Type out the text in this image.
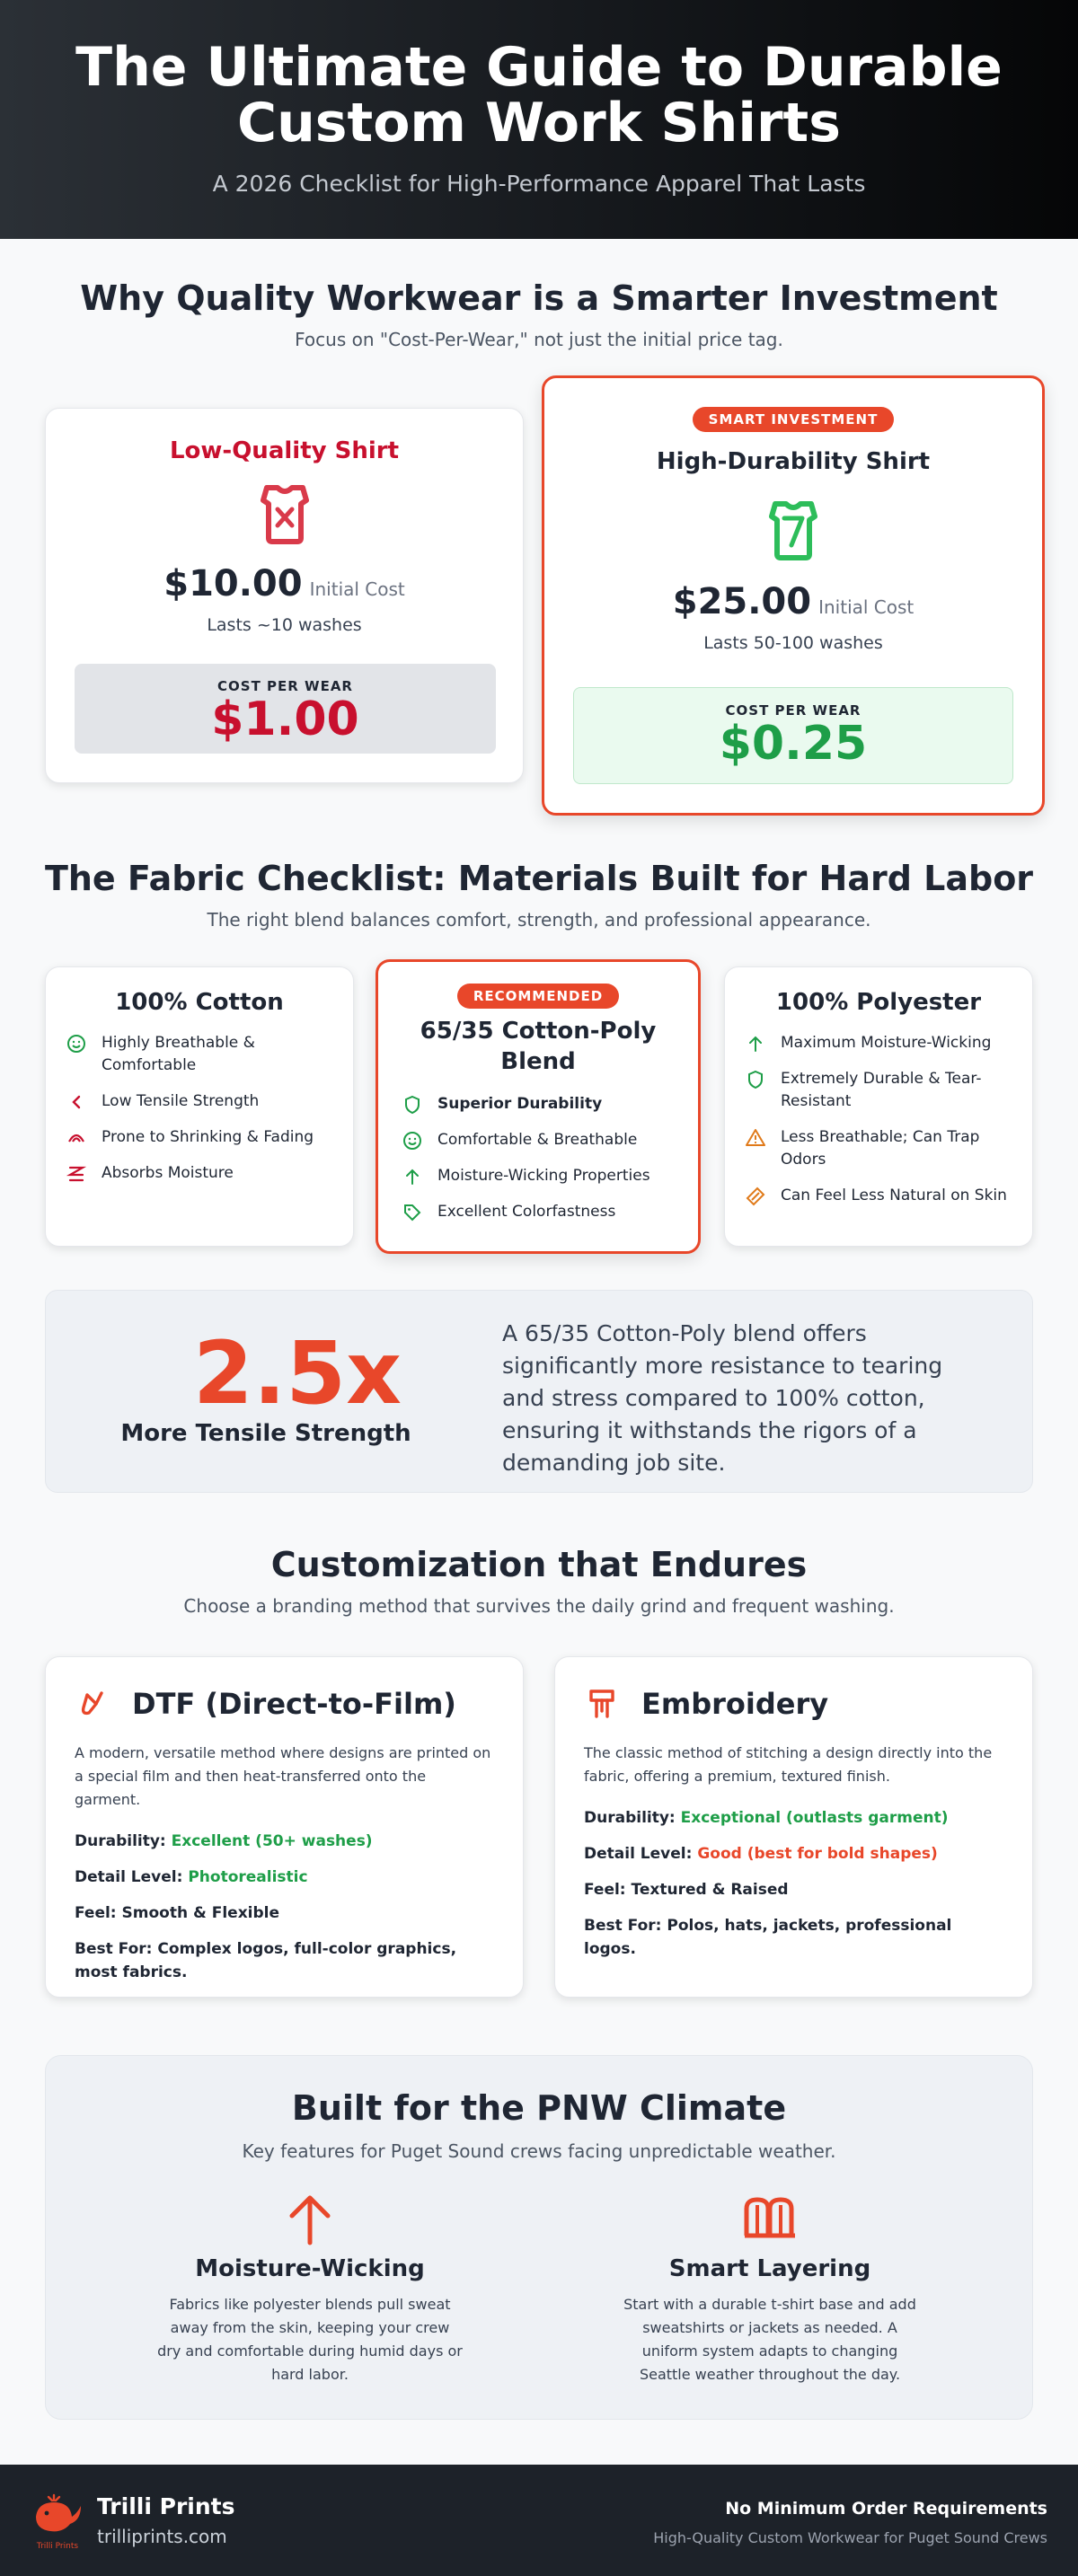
The Ultimate Guide to Durable
Custom Work Shirts
A 2026 Checklist for High-Performance Apparel That Lasts
Why Quality Workwear is a Smarter Investment
Focus on "Cost-Per-Wear," not just the initial price tag.
Low-Quality Shirt
$10.00 Initial Cost
Lasts ~10 washes
COST PER WEAR
$1.00
SMART INVESTMENT
High-Durability Shirt
$25.00 Initial Cost
Lasts 50-100 washes
COST PER WEAR
$0.25
The Fabric Checklist: Materials Built for Hard Labor
The right blend balances comfort, strength, and professional appearance.
100% Cotton
Highly Breathable & Comfortable
Low Tensile Strength
Prone to Shrinking & Fading
Absorbs Moisture
RECOMMENDED
65/35 Cotton-Poly
Blend
Superior Durability
Comfortable & Breathable
Moisture-Wicking Properties
Excellent Colorfastness
100% Polyester
Maximum Moisture-Wicking
Extremely Durable & Tear-Resistant
Less Breathable; Can Trap Odors
Can Feel Less Natural on Skin
2.5x
More Tensile Strength
A 65/35 Cotton-Poly blend offers significantly more resistance to tearing and stress compared to 100% cotton, ensuring it withstands the rigors of a demanding job site.
Customization that Endures
Choose a branding method that survives the daily grind and frequent washing.
DTF (Direct-to-Film)
A modern, versatile method where designs are printed on a special film and then heat-transferred onto the garment.
Durability: Excellent (50+ washes)
Detail Level: Photorealistic
Feel: Smooth & Flexible
Best For: Complex logos, full-color graphics, most fabrics.
Embroidery
The classic method of stitching a design directly into the fabric, offering a premium, textured finish.
Durability: Exceptional (outlasts garment)
Detail Level: Good (best for bold shapes)
Feel: Textured & Raised
Best For: Polos, hats, jackets, professional logos.
Built for the PNW Climate
Key features for Puget Sound crews facing unpredictable weather.
Moisture-Wicking

Fabrics like polyester blends pull sweat away from the skin, keeping your crew dry and comfortable during humid days or hard labor.

Smart Layering

Start with a durable t-shirt base and add sweatshirts or jackets as needed. A uniform system adapts to changing Seattle weather throughout the day.

Trilli Prints
Trilli Prints
trilliprints.com
No Minimum Order Requirements
High-Quality Custom Workwear for Puget Sound Crews
